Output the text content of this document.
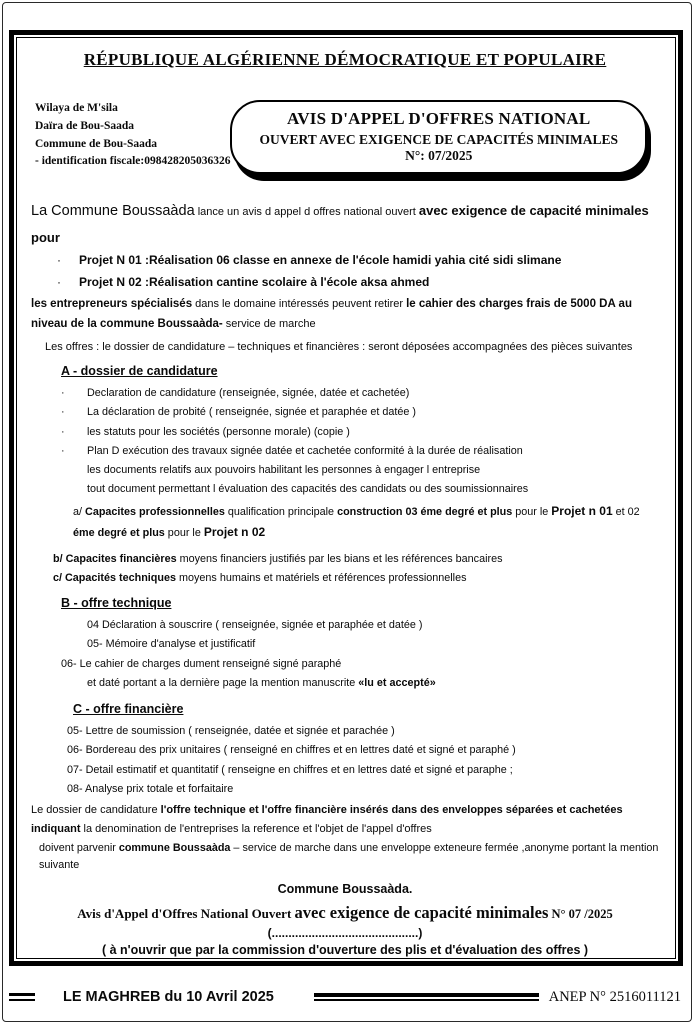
RÉPUBLIQUE ALGÉRIENNE DÉMOCRATIQUE ET POPULAIRE
Wilaya de M'sila
Daïra de Bou-Saada
Commune de Bou-Saada
- identification fiscale:098428205036326
AVIS D'APPEL D'OFFRES NATIONAL
OUVERT AVEC EXIGENCE DE CAPACITÉS MINIMALES N°: 07/2025

La Commune Boussaàda lance un avis d appel d offres national ouvert avec exigence de capacité minimales pour

· Projet N 01 :Réalisation 06 classe en annexe de l'école hamidi yahia cité sidi slimane
· Projet N 02 :Réalisation cantine scolaire à l'école aksa ahmed

les entrepreneurs spécialisés dans le domaine intéressés peuvent retirer le cahier des charges frais de 5000 DA au niveau de la commune Boussaàda- service de marche

Les offres : le dossier de candidature – techniques et financières : seront déposées accompagnées des pièces suivantes

A - dossier de candidature
· Declaration de candidature (renseignée, signée, datée et cachetée)
· La déclaration de probité ( renseignée, signée et paraphée et datée )
· les statuts pour les sociétés (personne morale) (copie )
· Plan D exécution des travaux signée datée et cachetée conformité à la durée de réalisation
les documents relatifs aux pouvoirs habilitant les personnes à engager l entreprise
tout document permettant l évaluation des capacités des candidats ou des soumissionnaires

a/ Capacites professionnelles qualification principale construction 03 éme degré et plus pour le Projet n 01 et 02 éme degré et plus pour le Projet n 02

b/ Capacites financières moyens financiers justifiés par les bians et les références bancaires

c/ Capacités techniques moyens humains et matériels et références professionnelles

B - offre technique
04 Déclaration à souscrire ( renseignée, signée et paraphée et datée )
05- Mémoire d'analyse et justificatif
06- Le cahier de charges dument renseigné signé paraphé
et daté portant a la dernière page la mention manuscrite «lu et accepté»
C - offre financière
05- Lettre de soumission ( renseignée, datée et signée et parachée )
06- Bordereau des prix unitaires ( renseigné en chiffres et en lettres daté et signé et paraphé )
07- Detail estimatif et quantitatif ( renseigne en chiffres et en lettres daté et signé et paraphe ;
08- Analyse prix totale et forfaitaire

Le dossier de candidature l'offre technique et l'offre financière insérés dans des enveloppes séparées et cachetées indiquant la denomination de l'entreprises la reference et l'objet de l'appel d'offres

doivent parvenir commune Boussaàda – service de marche dans une enveloppe exteneure fermée ,anonyme portant la mention suivante

Commune Boussaàda.
Avis d'Appel d'Offres National Ouvert avec exigence de capacité minimales N° 07 /2025
(............................................)
( à n'ouvrir que par la commission d'ouverture des plis et d'évaluation des offres )

LE MAGHREB du 10 Avril 2025	ANEP N° 2516011121
